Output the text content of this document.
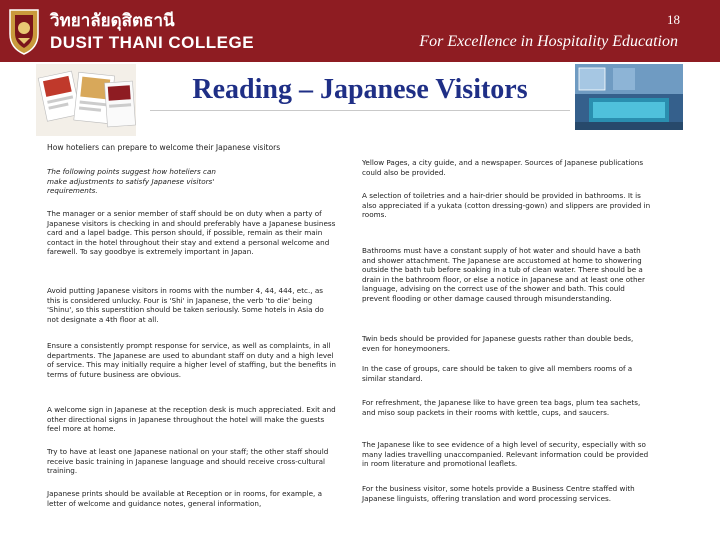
วิทยาลัยดุสิตธานี
DUSIT THANI COLLEGE
18
For Excellence in Hospitality Education
Reading – Japanese Visitors

How hoteliers can prepare to welcome their Japanese visitors

The following points suggest how hoteliers can make adjustments to satisfy Japanese visitors' requirements.

The manager or a senior member of staff should be on duty when a party of Japanese visitors is checking in and should preferably have a Japanese business card and a lapel badge. This person should, if possible, remain as their main contact in the hotel throughout their stay and extend a personal welcome and farewell. To say goodbye is extremely important in Japan.

Avoid putting Japanese visitors in rooms with the number 4, 44, 444, etc., as this is considered unlucky. Four is 'Shi' in Japanese, the verb 'to die' being 'Shinu', so this superstition should be taken seriously. Some hotels in Asia do not designate a 4th floor at all.

Ensure a consistently prompt response for service, as well as complaints, in all departments. The Japanese are used to abundant staff on duty and a high level of service. This may initially require a higher level of staffing, but the benefits in terms of future business are obvious.

A welcome sign in Japanese at the reception desk is much appreciated. Exit and other directional signs in Japanese throughout the hotel will make the guests feel more at home.

Try to have at least one Japanese national on your staff; the other staff should receive basic training in Japanese language and should receive cross-cultural training.

Japanese prints should be available at Reception or in rooms, for example, a letter of welcome and guidance notes, general information,

Yellow Pages, a city guide, and a newspaper. Sources of Japanese publications could also be provided.

A selection of toiletries and a hair-drier should be provided in bathrooms. It is also appreciated if a yukata (cotton dressing-gown) and slippers are provided in rooms.

Bathrooms must have a constant supply of hot water and should have a bath and shower attachment. The Japanese are accustomed at home to showering outside the bath tub before soaking in a tub of clean water. There should be a drain in the bathroom floor, or else a notice in Japanese and at least one other language, advising on the correct use of the shower and bath. This could prevent flooding or other damage caused through misunderstanding.

Twin beds should be provided for Japanese guests rather than double beds, even for honeymooners.

In the case of groups, care should be taken to give all members rooms of a similar standard.

For refreshment, the Japanese like to have green tea bags, plum tea sachets, and miso soup packets in their rooms with kettle, cups, and saucers.

The Japanese like to see evidence of a high level of security, especially with so many ladies travelling unaccompanied. Relevant information could be provided in room literature and promotional leaflets.

For the business visitor, some hotels provide a Business Centre staffed with Japanese linguists, offering translation and word processing services.
